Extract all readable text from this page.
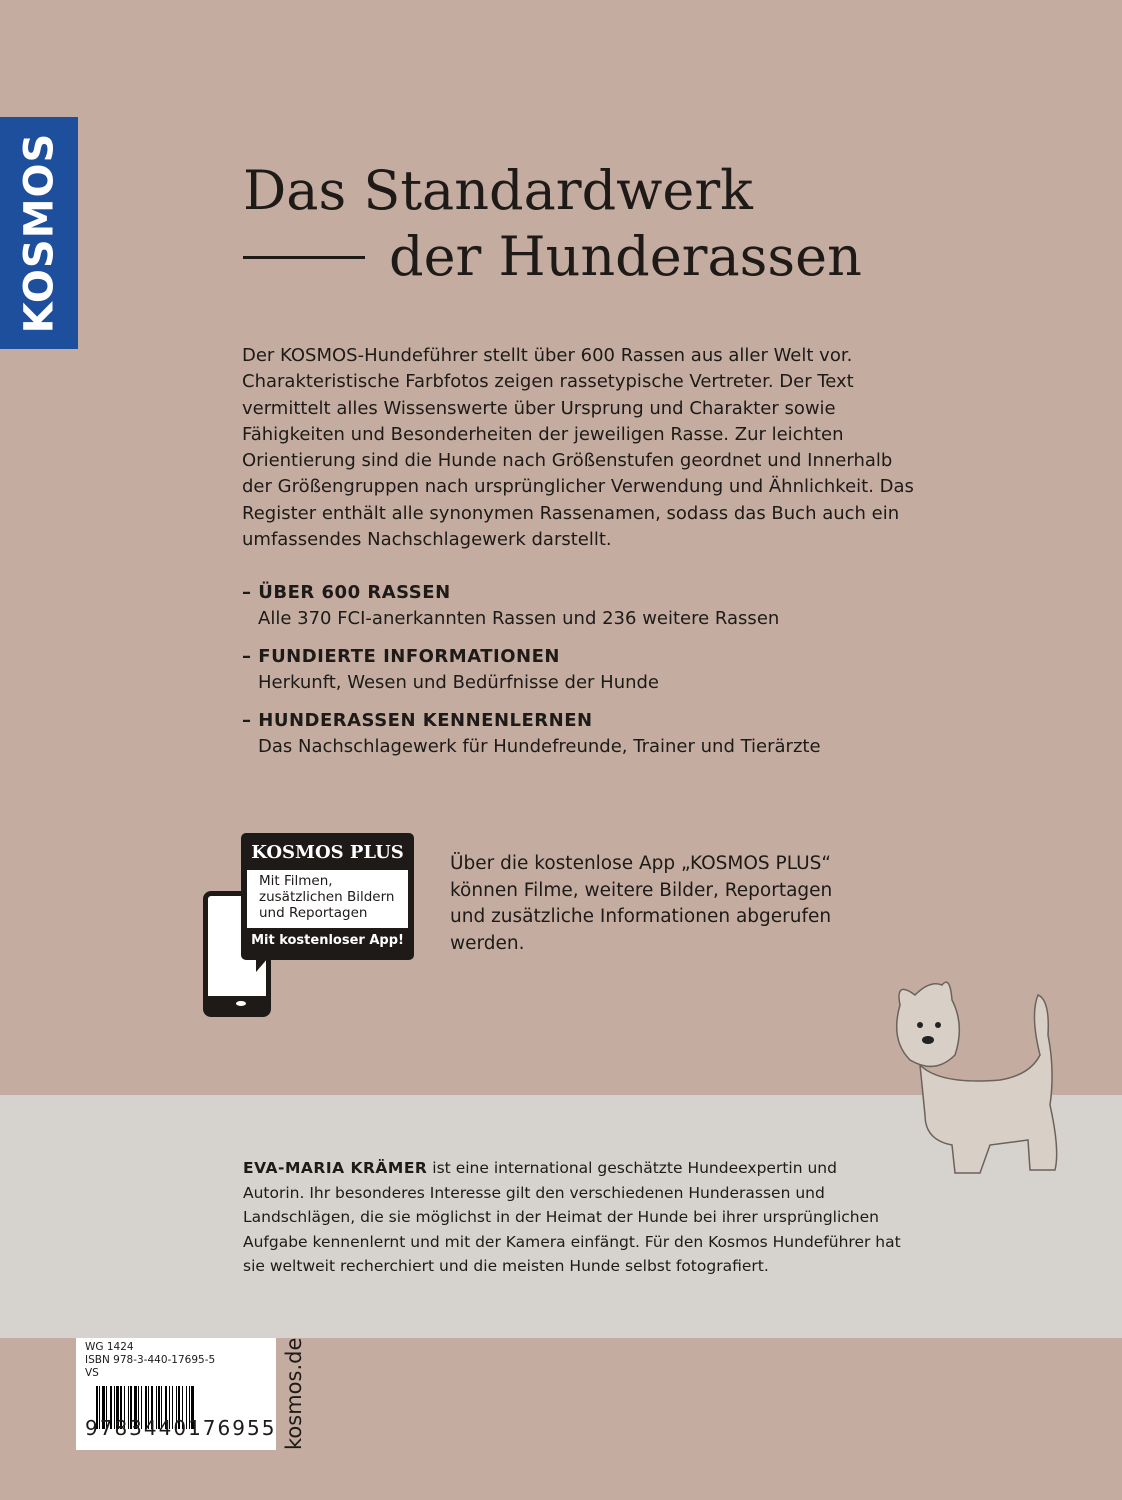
KOSMOS	Das Standardwerk
der Hunderassen
Der KOSMOS-Hundeführer stellt über 600 Rassen aus aller Welt vor. Charakteristische Farbfotos zeigen rassetypische Vertreter. Der Text vermittelt alles Wissenswerte über Ursprung und Charakter sowie Fähigkeiten und Besonderheiten der jeweiligen Rasse. Zur leichten Orientierung sind die Hunde nach Größenstufen geordnet und Innerhalb der Größengruppen nach ursprünglicher Verwendung und Ähnlichkeit. Das Register enthält alle synonymen Rassenamen, sodass das Buch auch ein umfassendes Nachschlagewerk darstellt.
– ÜBER 600 RASSEN
Alle 370 FCI-anerkannten Rassen und 236 weitere Rassen
– FUNDIERTE INFORMATIONEN
Herkunft, Wesen und Bedürfnisse der Hunde
– HUNDERASSEN KENNENLERNEN
Das Nachschlagewerk für Hundefreunde, Trainer und Tierärzte
KOSMOS PLUS
Mit Filmen, zusätzlichen Bildern und Reportagen
Mit kostenloser App!
Über die kostenlose App „KOSMOS PLUS“ können Filme, weitere Bilder, Reportagen und zusätzliche Informationen abgerufen werden.
EVA-MARIA KRÄMER ist eine international geschätzte Hundeexpertin und Autorin. Ihr besonderes Interesse gilt den verschiedenen Hunderassen und Landschlägen, die sie möglichst in der Heimat der Hunde bei ihrer ursprünglichen Aufgabe kennenlernt und mit der Kamera einfängt. Für den Kosmos Hundeführer hat sie weltweit recherchiert und die meisten Hunde selbst fotografiert.
WG 1424
ISBN 978-3-440-17695-5
VS
9783440176955 kosmos.de
